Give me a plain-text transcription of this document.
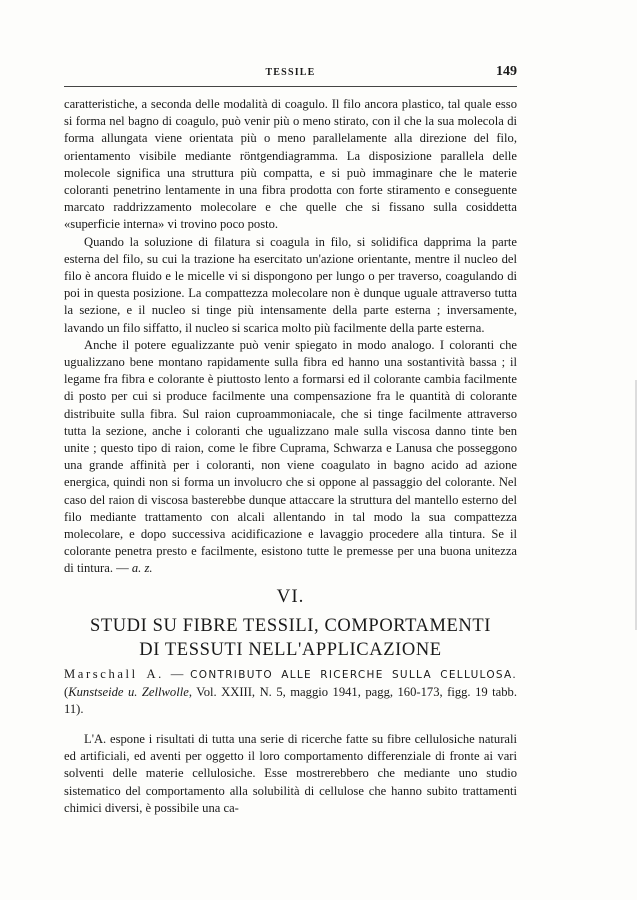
TESSILE	149

caratteristiche, a seconda delle modalità di coagulo. Il filo ancora plastico, tal quale esso si forma nel bagno di coagulo, può venir più o meno stirato, con il che la sua molecola di forma allungata viene orientata più o meno parallelamente alla direzione del filo, orientamento visibile mediante röntgendiagramma. La disposizione parallela delle molecole significa una struttura più compatta, e si può immaginare che le materie coloranti penetrino lentamente in una fibra prodotta con forte stiramento e conseguente marcato raddrizzamento molecolare e che quelle che si fissano sulla cosiddetta «superficie interna» vi trovino poco posto.

Quando la soluzione di filatura si coagula in filo, si solidifica dapprima la parte esterna del filo, su cui la trazione ha esercitato un'azione orientante, mentre il nucleo del filo è ancora fluido e le micelle vi si dispongono per lungo o per traverso, coagulando di poi in questa posizione. La compattezza molecolare non è dunque uguale attraverso tutta la sezione, e il nucleo si tinge più intensamente della parte esterna ; inversamente, lavando un filo siffatto, il nucleo si scarica molto più facilmente della parte esterna.

Anche il potere egualizzante può venir spiegato in modo analogo. I coloranti che ugualizzano bene montano rapidamente sulla fibra ed hanno una sostantività bassa ; il legame fra fibra e colorante è piuttosto lento a formarsi ed il colorante cambia facilmente di posto per cui si produce facilmente una compensazione fra le quantità di colorante distribuite sulla fibra. Sul raion cuproammoniacale, che si tinge facilmente attraverso tutta la sezione, anche i coloranti che ugualizzano male sulla viscosa danno tinte ben unite ; questo tipo di raion, come le fibre Cuprama, Schwarza e Lanusa che posseggono una grande affinità per i coloranti, non viene coagulato in bagno acido ad azione energica, quindi non si forma un involucro che si oppone al passaggio del colorante. Nel caso del raion di viscosa basterebbe dunque attaccare la struttura del mantello esterno del filo mediante trattamento con alcali allentando in tal modo la sua compattezza molecolare, e dopo successiva acidificazione e lavaggio procedere alla tintura. Se il colorante penetra presto e facilmente, esistono tutte le premesse per una buona unitezza di tintura. — a. z.

VI.
STUDI SU FIBRE TESSILI, COMPORTAMENTI
DI TESSUTI NELL'APPLICAZIONE

Marschall A. — CONTRIBUTO ALLE RICERCHE SULLA CELLULOSA. (Kunstseide u. Zellwolle, Vol. XXIII, N. 5, maggio 1941, pagg, 160-173, figg. 19 tabb. 11).

L'A. espone i risultati di tutta una serie di ricerche fatte su fibre cellulosiche naturali ed artificiali, ed aventi per oggetto il loro comportamento differenziale di fronte ai vari solventi delle materie cellulosiche. Esse mostrerebbero che mediante uno studio sistematico del comportamento alla solubilità di cellulose che hanno subito trattamenti chimici diversi, è possibile una ca-
